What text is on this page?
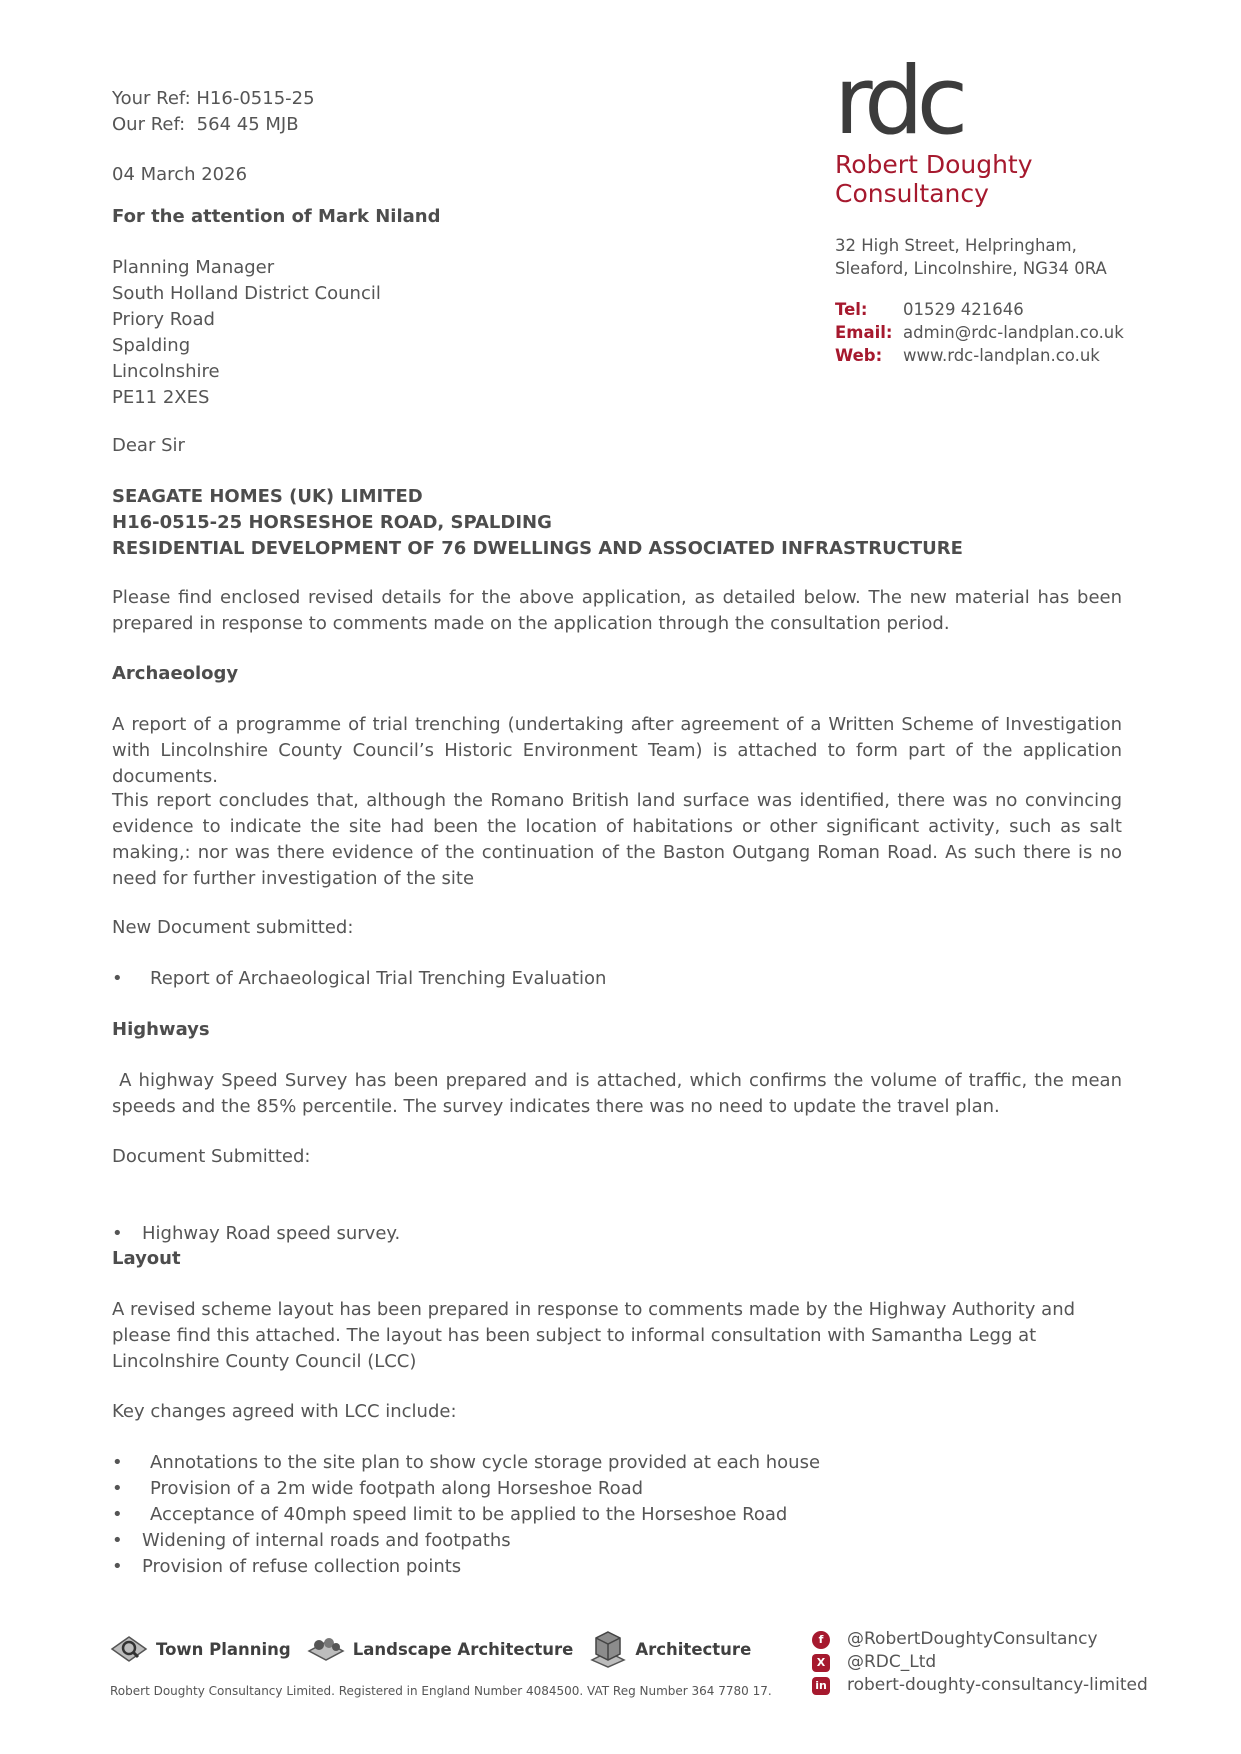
rdc
Robert Doughty
Consultancy
32 High Street, Helpringham,
Sleaford, Lincolnshire, NG34 0RA
Tel: 01529 421646
Email: admin@rdc-landplan.co.uk
Web: www.rdc-landplan.co.uk

Your Ref: H16-0515-25

Our Ref:  564 45 MJB

04 March 2026

For the attention of Mark Niland

Planning Manager

South Holland District Council

Priory Road

Spalding

Lincolnshire

PE11 2XES

Dear Sir

SEAGATE HOMES (UK) LIMITED

H16-0515-25 HORSESHOE ROAD, SPALDING

RESIDENTIAL DEVELOPMENT OF 76 DWELLINGS AND ASSOCIATED INFRASTRUCTURE

Please find enclosed revised details for the above application, as detailed below. The new material has been prepared in response to comments made on the application through the consultation period.

Archaeology

A report of a programme of trial trenching (undertaking after agreement of a Written Scheme of Investigation with Lincolnshire County Council’s Historic Environment Team) is attached to form part of the application documents.

This report concludes that, although the Romano British land surface was identified, there was no convincing evidence to indicate the site had been the location of habitations or other significant activity, such as salt making,: nor was there evidence of the continuation of the Baston Outgang Roman Road. As such there is no need for further investigation of the site

New Document submitted:

• Report of Archaeological Trial Trenching Evaluation

Highways

A highway Speed Survey has been prepared and is attached, which confirms the volume of traffic, the mean speeds and the 85% percentile. The survey indicates there was no need to update the travel plan.

Document Submitted:

• Highway Road speed survey.

Layout

A revised scheme layout has been prepared in response to comments made by the Highway Authority and please find this attached. The layout has been subject to informal consultation with Samantha Legg at Lincolnshire County Council (LCC)

Key changes agreed with LCC include:

• Annotations to the site plan to show cycle storage provided at each house

• Provision of a 2m wide footpath along Horseshoe Road

• Acceptance of 40mph speed limit to be applied to the Horseshoe Road

• Widening of internal roads and footpaths

• Provision of refuse collection points

Town Planning	Landscape Architecture	Architecture
Robert Doughty Consultancy Limited. Registered in England Number 4084500. VAT Reg Number 364 7780 17.
f	@RobertDoughtyConsultancy
X @RDC_Ltd
in robert-doughty-consultancy-limited
